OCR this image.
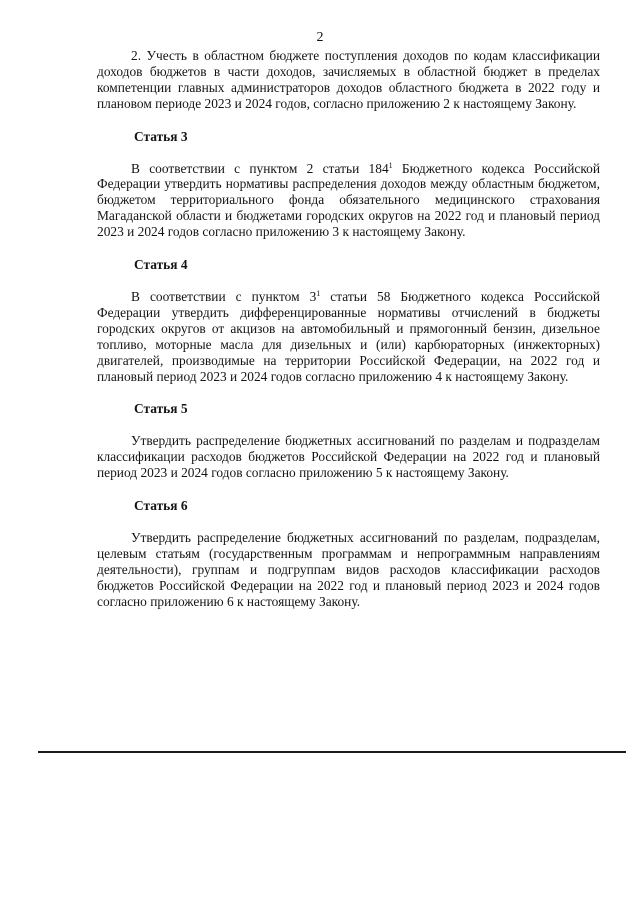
2

2. Учесть в областном бюджете поступления доходов по кодам классификации доходов бюджетов в части доходов, зачисляемых в областной бюджет в пределах компетенции главных администраторов доходов областного бюджета в 2022 году и плановом периоде 2023 и 2024 годов, согласно приложению 2 к настоящему Закону.

Статья 3

В соответствии с пунктом 2 статьи $184^1$ Бюджетного кодекса Российской Федерации утвердить нормативы распределения доходов между областным бюджетом, бюджетом территориального фонда обязательного медицинского страхования Магаданской области и бюджетами городских округов на 2022 год и плановый период 2023 и 2024 годов согласно приложению 3 к настоящему Закону.

Статья 4

В соответствии с пунктом $3^1$ статьи 58 Бюджетного кодекса Российской Федерации утвердить дифференцированные нормативы отчислений в бюджеты городских округов от акцизов на автомобильный и прямогонный бензин, дизельное топливо, моторные масла для дизельных и (или) карбюраторных (инжекторных) двигателей, производимые на территории Российской Федерации, на 2022 год и плановый период 2023 и 2024 годов согласно приложению 4 к настоящему Закону.

Статья 5

Утвердить распределение бюджетных ассигнований по разделам и подразделам классификации расходов бюджетов Российской Федерации на 2022 год и плановый период 2023 и 2024 годов согласно приложению 5 к настоящему Закону.

Статья 6

Утвердить распределение бюджетных ассигнований по разделам, подразделам, целевым статьям (государственным программам и непрограммным направлениям деятельности), группам и подгруппам видов расходов классификации расходов бюджетов Российской Федерации на 2022 год и плановый период 2023 и 2024 годов согласно приложению 6 к настоящему Закону.
